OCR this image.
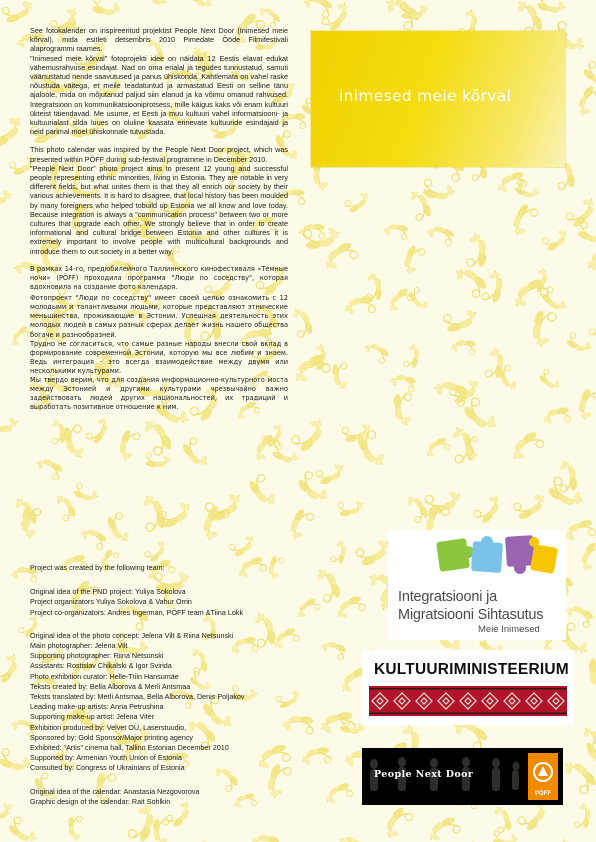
See fotokalender on inspireeritud projektist People Next Door (Inimesed meie kõrval), mida esitleti detsembris 2010 Pimedate Ööde Filmifestivali alaprogrammi raames.

"Inimesed meie kõrval" fotoprojekti idee on näidata 12 Eestis elavat edukat vähemusrahvuse esindajat. Nad on oma erialal ja tegudes tunnustatud, samuti väärtustatud nende saavutused ja panus ühiskonda. Kahtlemata on vahel raske nõustuda väitega, et meile teadatuntud ja armastatud Eesti on selline tänu ajaloole, mida on mõjutanud paljud siin elanud ja ka võimu omanud rahvused. Integratsioon on kommunikatsiooniprotsess, mille käigus kaks või enam kultuuri ükteist täiendavad. Me usume, et Eesti ja muu kultuuri vahel informatsiooni- ja kultuurialast silda luues on oluline kaasata erinevate kultuuride esindajaid ja neid parimal moel ühiskonnale tutvustada.

This photo calendar was inspired by the People Next Door project, which was presented within PÖFF during sub-festival programme in December 2010.

"People Next Door" photo project aims to present 12 young and successful people representing ethnic minorities, living in Estonia. They are notable in very different fields, but what unites them is that they all enrich our society by their various achievements. It is hard to disagree, that local history has been moulded by many foreigners who helped tobuild up Estonia we all know and love today. Because integration is always a "communication process" between two or more cultures that upgrade each other. We strongly believe that in order to create informational and cultural bridge between Estonia and other cultures it is extremely important to involve people with multicultural backgrounds and introduce them to out society in a better way.

В рамках 14-го, предюбилейного Таллиннского кинофестиваля «Темные ночи» (PÖFF) проходила программа "Люди по соседству", которая вдохновила на создание фото календаря.

Фотопроект "Люди по соседству" имеет своей целью ознакомить с 12 молодыми и талантливыми людьми, которые представляют этнические меньшинства, проживающие в Эстонии. Успешная деятельность этих молодых людей в самых разных сферах делает жизнь нашего общества богаче и разнообразней.

Трудно не согласиться, что самые разные народы внесли свой вклад в формирование современной Эстонии, которую мы все любим и знаем. Ведь интеграция - это всегда взаимодействие между двумя или несколькими культурами.

Мы твердо верим, что для создания информационно-культурного моста между Эстонией и другими культурами чрезвычайно важно задействовать людей других национальностей, их традиций и выработать позитивное отношение к ним.

Project was created by the following team:

Original idea of the PND project: Yuliya Sokolova

Project organizators Yuliya Sokolova & Vahur Orrin

Project co-organizators: Andres Ingerman, PÖFF team &Tiina Lokk

Original idea of the photo concept: Jelena Vilt & Riina Netsunski

Main photographer: Jelena Vilt

Supporting photographer: Riina Netsunski

Assistants: Rostislav Chikalski & Igor Svirida

Photo exhibition curator: Helle-Triin Hansumäe

Teksts created by: Bella Alborova & Merli Antsmaa

Teksts translated by: Merli Antsmaa, Bella Alborova, Denis Poljakov

Leading make-up artists: Anna Petrushina

Supporting make-up artist: Jelena Viter

Exhibition produced by: Velvet OÜ, Laserstuudio,

Sponsored by: Gold Sponsor/Major printing agency

Exhibited: "Artis" cinema hall, Tallinn Estonian December 2010

Supported by: Armenian Youth Union of Estonia

Consulted by: Congress of Ukrainians of Estonia

Original idea of the calendar: Anastasia Nezgovorova

Graphic design of the calendar: Rait Sohlkin

inimesed meie kõrval
Integratsiooni ja
Migratsiooni Sihtasutus
Meie Inimesed
KULTUURIMINISTEERIUM
People Next Door
PÖFF
